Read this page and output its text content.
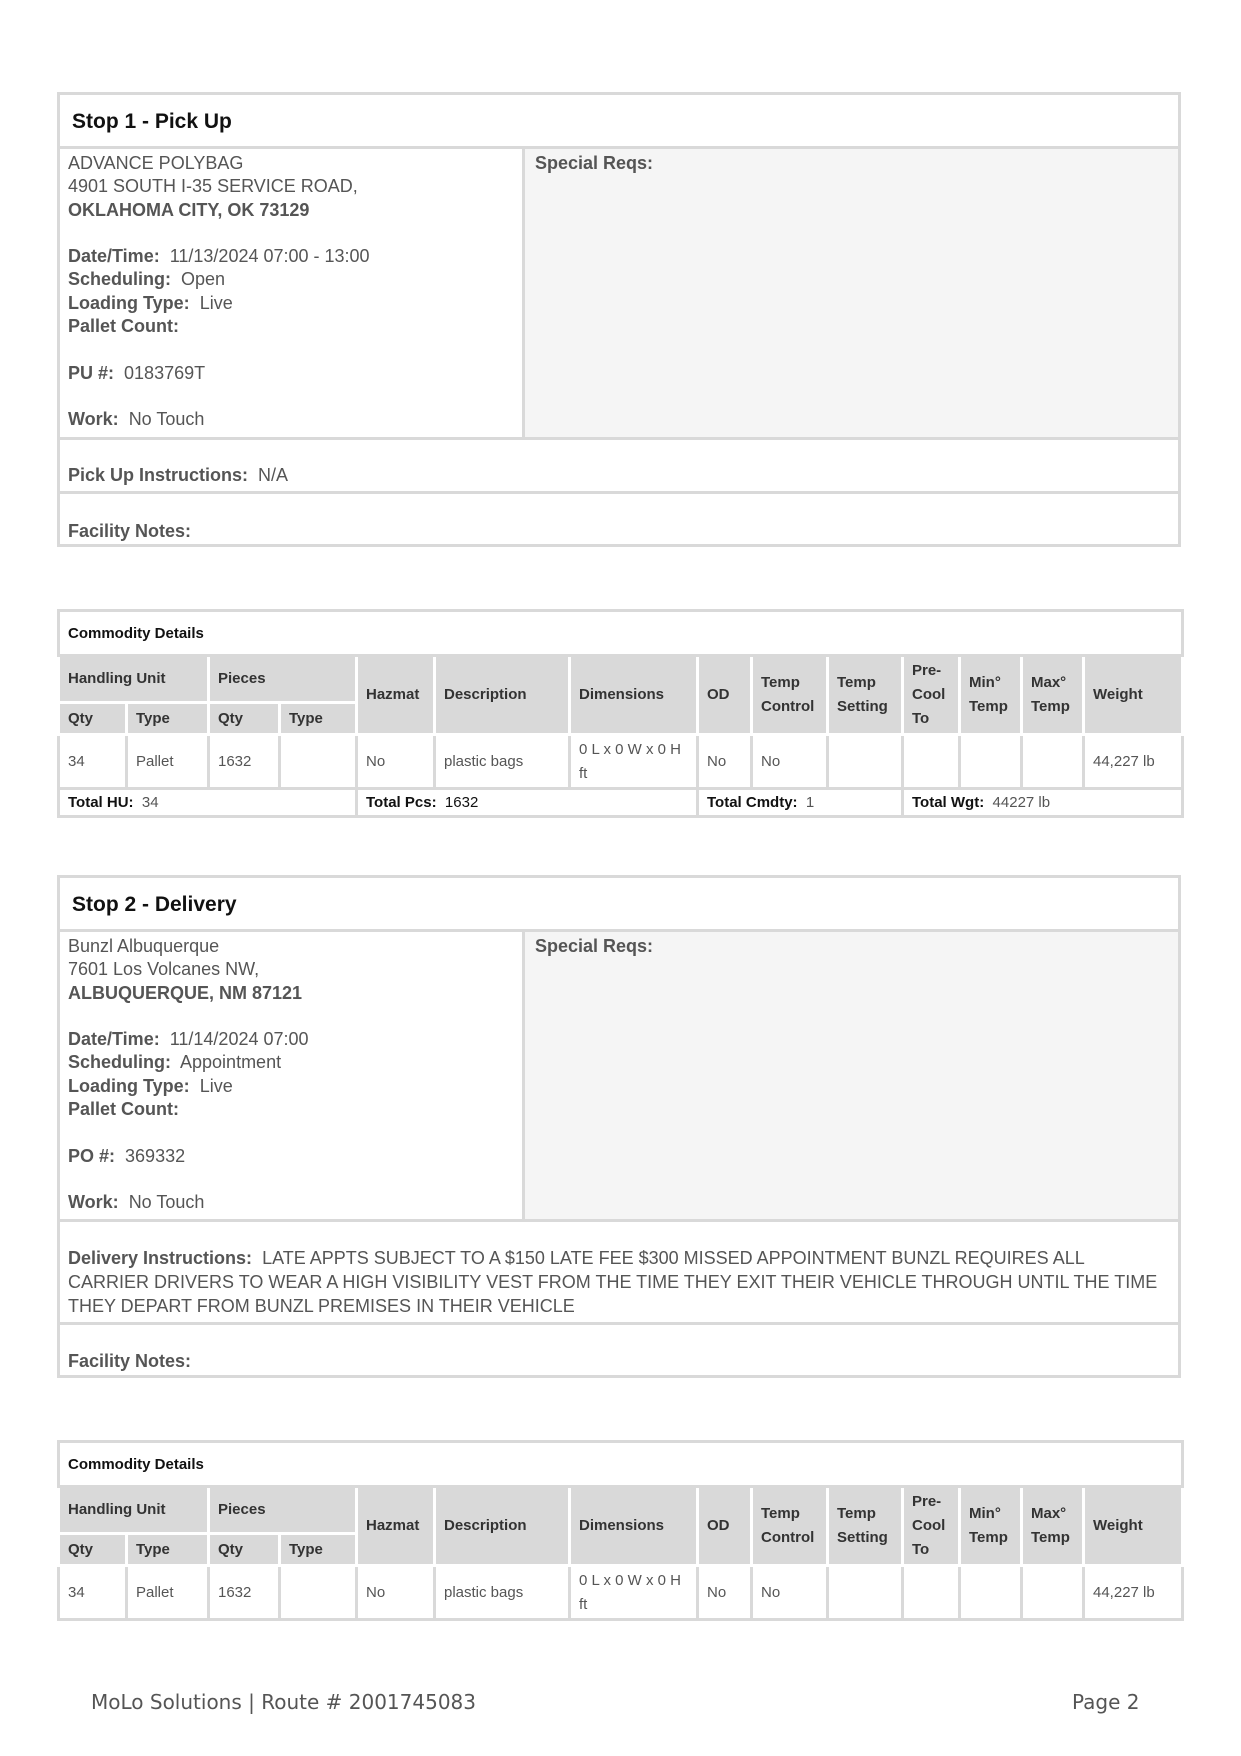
Stop 1 - Pick Up
ADVANCE POLYBAG
4901 SOUTH I-35 SERVICE ROAD,
OKLAHOMA CITY, OK 73129
Date/Time: 11/13/2024 07:00 - 13:00
Scheduling: Open
Loading Type: Live
Pallet Count:
PU #: 0183769T
Work: No Touch
Special Reqs:
Pick Up Instructions: N/A
Facility Notes:
Commodity Details													
Handling Unit		Pieces		Hazmat	Description	Dimensions	OD	Temp Control	Temp Setting	Pre- Cool To	Min° Temp	Max° Temp	Weight
Qty	Type	Qty	Type										
34	Pallet	1632		No	plastic bags	0 L x 0 W x 0 H ft	No	No					44,227 lb
Total HU: 34				Total Pcs: 1632			Total Cmdty: 1			Total Wgt: 44227 lb			
Stop 2 - Delivery
Bunzl Albuquerque
7601 Los Volcanes NW,
ALBUQUERQUE, NM 87121
Date/Time: 11/14/2024 07:00
Scheduling: Appointment
Loading Type: Live
Pallet Count:
PO #: 369332
Work: No Touch
Special Reqs:
Delivery Instructions: LATE APPTS SUBJECT TO A $150 LATE FEE $300 MISSED APPOINTMENT BUNZL REQUIRES ALL CARRIER DRIVERS TO WEAR A HIGH VISIBILITY VEST FROM THE TIME THEY EXIT THEIR VEHICLE THROUGH UNTIL THE TIME THEY DEPART FROM BUNZL PREMISES IN THEIR VEHICLE
Facility Notes:
Commodity Details													
Handling Unit		Pieces		Hazmat	Description	Dimensions	OD	Temp Control	Temp Setting	Pre- Cool To	Min° Temp	Max° Temp	Weight
Qty	Type	Qty	Type										
34	Pallet	1632		No	plastic bags	0 L x 0 W x 0 H ft	No	No					44,227 lb
MoLo Solutions | Route # 2001745083	Page 2
